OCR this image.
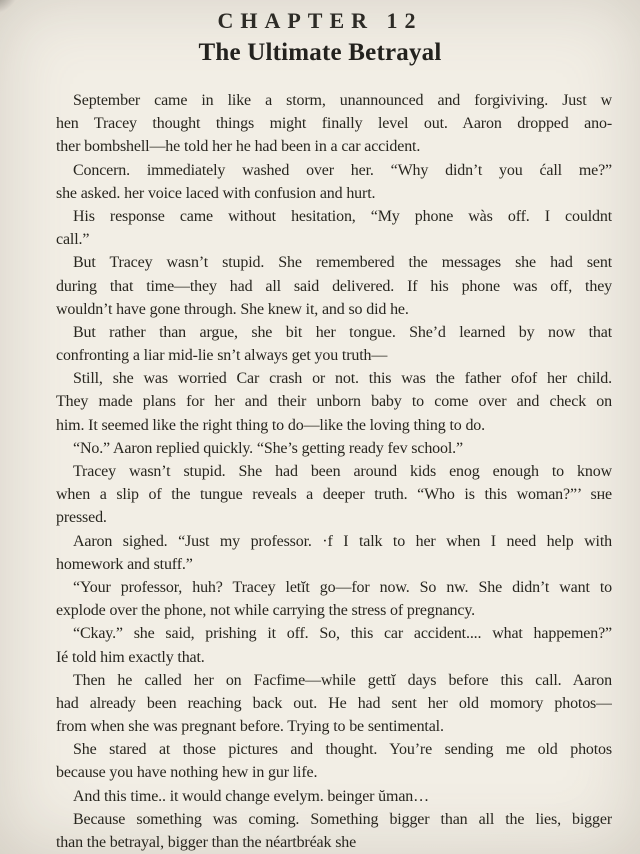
CHAPTER 12
The Ultimate Betrayal
September came in like a storm, unannounced and forgiviving. Just w
hen Tracey thought things might finally level out. Aaron dropped ano-
ther bombshell—he told her he had been in a car accident.
Concern. immediately washed over her. “Why didn’t you ćall me?”
she asked. her voice laced with confusion and hurt.
His response came without hesitation, “My phone wàs off. I couldnt
call.”
But Tracey wasn’t stupid. She remembered the messages she had sent
during that time—they had all said delivered. If his phone was off, they
wouldn’t have gone through. She knew it, and so did he.
But rather than argue, she bit her tongue. She’d learned by now that
confronting a liar mid-lie sn’t always get you truth—
Still, she was worried Car crash or not. this was the father ofof her child.
They made plans for her and their unborn baby to come over and check on
him. It seemed like the right thing to do—like the loving thing to do.
“No.” Aaron replied quickly. “She’s getting ready fev school.”
Tracey wasn’t stupid. She had been around kids enog enough to know
when a slip of the tungue reveals a deeper truth. “Who is this woman?”’ sʜe
pressed.
Aaron sighed. “Just my professor. ·f I talk to her when I need help with
homework and stuff.”
“Your professor, huh? Tracey letĭt go—for now. So nw. She didn’t want to
explode over the phone, not while carrying the stress of pregnancy.
“Ckay.” she said, prishing it off. So, this car accident.... what happemen?”
Ié told him exactly that.
Then he called her on Facfime—while gettĭ days before this call. Aaron
had already been reaching back out. He had sent her old momory photos—
from when she was pregnant before. Trying to be sentimental.
She stared at those pictures and thought. You’re sending me old photos
because you have nothing hew in gur life.
And this time.. it would change evelym. beinger ŭman…
Because something was coming. Something bigger than all the lies, bigger
than the betrayal, bigger than the néartbréak she
